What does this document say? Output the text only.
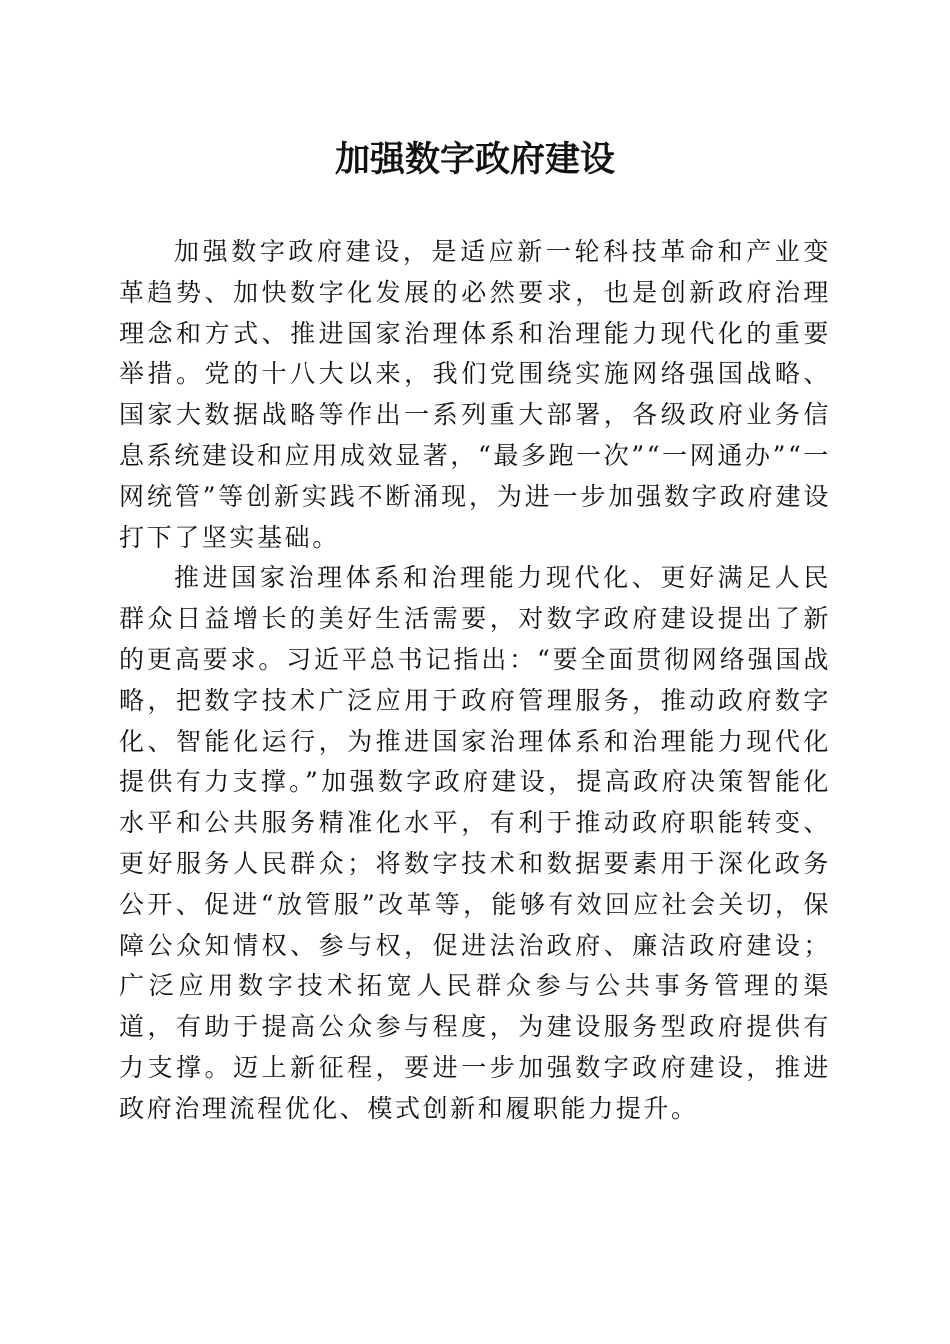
加强数字政府建设

加强数字政府建设，是适应新一轮科技革命和产业变革趋势、加快数字化发展的必然要求，也是创新政府治理理念和方式、推进国家治理体系和治理能力现代化的重要举措。党的十八大以来，我们党围绕实施网络强国战略、国家大数据战略等作出一系列重大部署，各级政府业务信息系统建设和应用成效显著，“最多跑一次”“一网通办”“一网统管”等创新实践不断涌现，为进一步加强数字政府建设打下了坚实基础。

推进国家治理体系和治理能力现代化、更好满足人民群众日益增长的美好生活需要，对数字政府建设提出了新的更高要求。习近平总书记指出：“要全面贯彻网络强国战略，把数字技术广泛应用于政府管理服务，推动政府数字化、智能化运行，为推进国家治理体系和治理能力现代化提供有力支撑。”加强数字政府建设，提高政府决策智能化水平和公共服务精准化水平，有利于推动政府职能转变、更好服务人民群众；将数字技术和数据要素用于深化政务公开、促进“放管服”改革等，能够有效回应社会关切，保障公众知情权、参与权，促进法治政府、廉洁政府建设；广泛应用数字技术拓宽人民群众参与公共事务管理的渠道，有助于提高公众参与程度，为建设服务型政府提供有力支撑。迈上新征程，要进一步加强数字政府建设，推进政府治理流程优化、模式创新和履职能力提升。
